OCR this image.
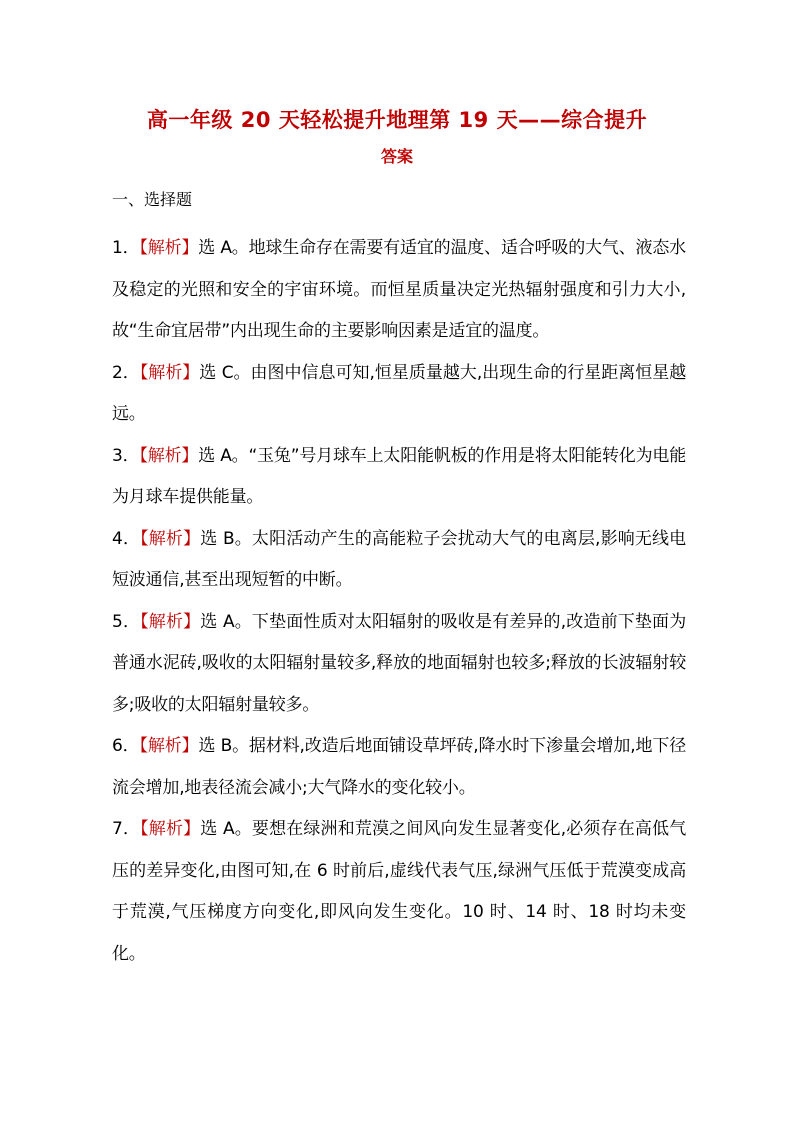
高一年级 20 天轻松提升地理第 19 天——综合提升
答案
一、选择题
1．【解析】选 A。地球生命存在需要有适宜的温度、适合呼吸的大气、液态水及稳定的光照和安全的宇宙环境。而恒星质量决定光热辐射强度和引力大小,故“生命宜居带”内出现生命的主要影响因素是适宜的温度。
2．【解析】选 C。由图中信息可知,恒星质量越大,出现生命的行星距离恒星越远。
3．【解析】选 A。“玉兔”号月球车上太阳能帆板的作用是将太阳能转化为电能为月球车提供能量。
4．【解析】选 B。太阳活动产生的高能粒子会扰动大气的电离层,影响无线电短波通信,甚至出现短暂的中断。
5．【解析】选 A。下垫面性质对太阳辐射的吸收是有差异的,改造前下垫面为普通水泥砖,吸收的太阳辐射量较多,释放的地面辐射也较多;释放的长波辐射较多;吸收的太阳辐射量较多。
6．【解析】选 B。据材料,改造后地面铺设草坪砖,降水时下渗量会增加,地下径流会增加,地表径流会减小;大气降水的变化较小。
7．【解析】选 A。要想在绿洲和荒漠之间风向发生显著变化,必须存在高低气压的差异变化,由图可知,在 6 时前后,虚线代表气压,绿洲气压低于荒漠变成高于荒漠,气压梯度方向变化,即风向发生变化。10 时、14 时、18 时均未变化。
